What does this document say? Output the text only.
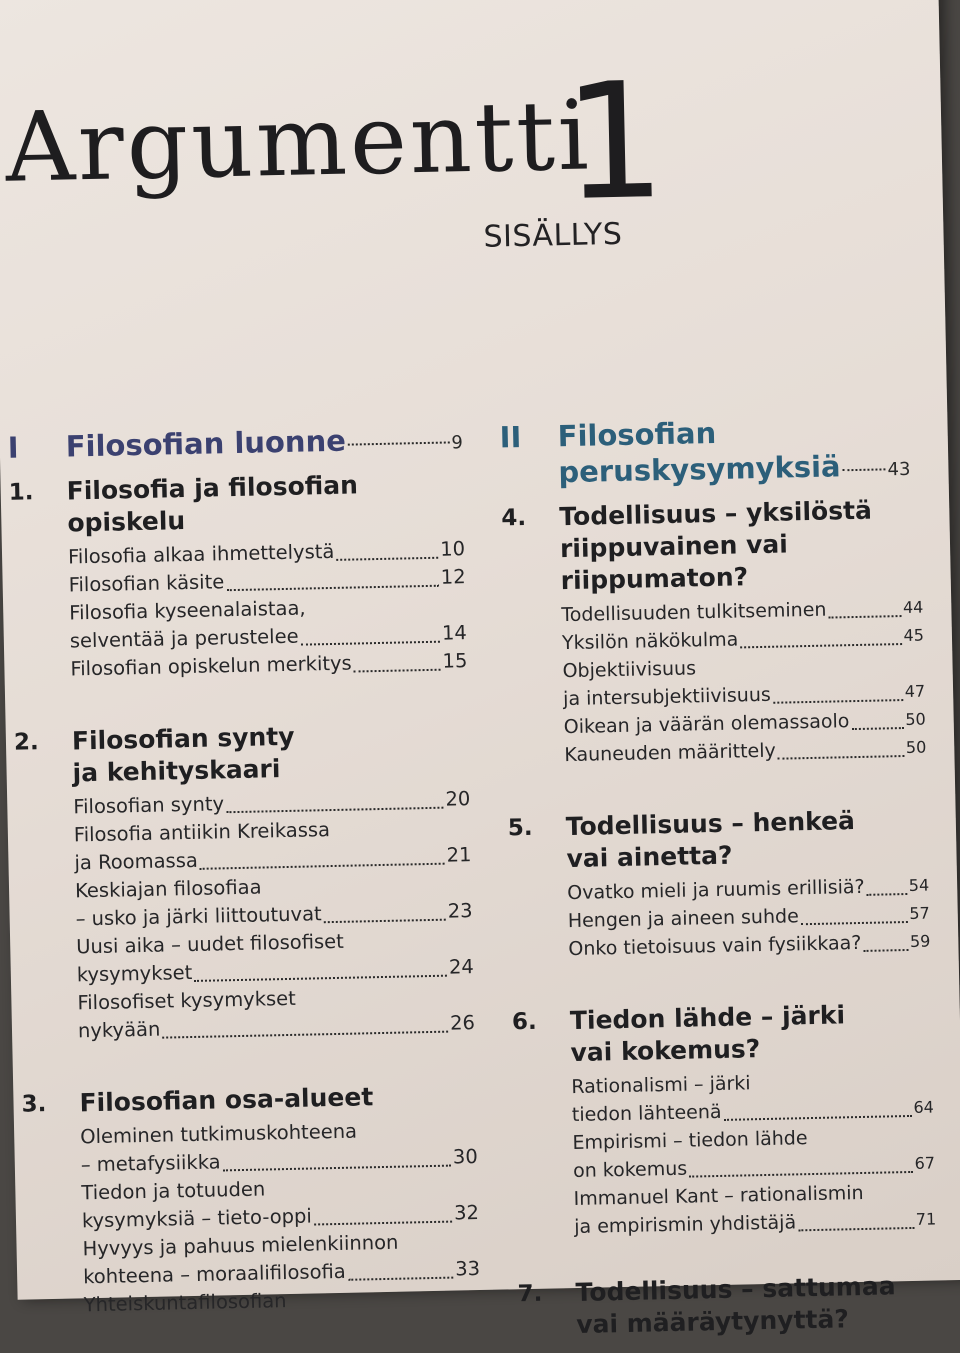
Argumentti
1
SISÄLLYS
I	Filosofian luonne	9
1.	Filosofia ja filosofian
opiskelu
Filosofia alkaa ihmettelystä	10
Filosofian käsite	12
Filosofia kyseenalaistaa,
selventää ja perustelee	14
Filosofian opiskelun merkitys	15
2.	Filosofian synty
ja kehityskaari
Filosofian synty	20
Filosofia antiikin Kreikassa
ja Roomassa	21
Keskiajan filosofiaa
– usko ja järki liittoutuvat	23
Uusi aika – uudet filosofiset
kysymykset	24
Filosofiset kysymykset
nykyään	26
3.	Filosofian osa-alueet
Oleminen tutkimuskohteena
– metafysiikka	30
Tiedon ja totuuden
kysymyksiä – tieto-oppi	32
Hyvyys ja pahuus mielenkiinnon
kohteena – moraalifilosofia	33
Yhteiskuntafilosofian
II	Filosofian

peruskysymyksiä	43
4.	Todellisuus – yksilöstä
riippuvainen vai riippumaton?
Todellisuuden tulkitseminen	44
Yksilön näkökulma	45
Objektiivisuus
ja intersubjektiivisuus	47
Oikean ja väärän olemassaolo	50
Kauneuden määrittely	50
5.	Todellisuus – henkeä
vai ainetta?
Ovatko mieli ja ruumis erillisiä?	54
Hengen ja aineen suhde	57
Onko tietoisuus vain fysiikkaa?	59
6.	Tiedon lähde – järki
vai kokemus?
Rationalismi – järki
tiedon lähteenä	64
Empirismi – tiedon lähde
on kokemus	67
Immanuel Kant – rationalismin
ja empirismin yhdistäjä	71
7.	Todellisuus – sattumaa
vai määräytynyttä?
